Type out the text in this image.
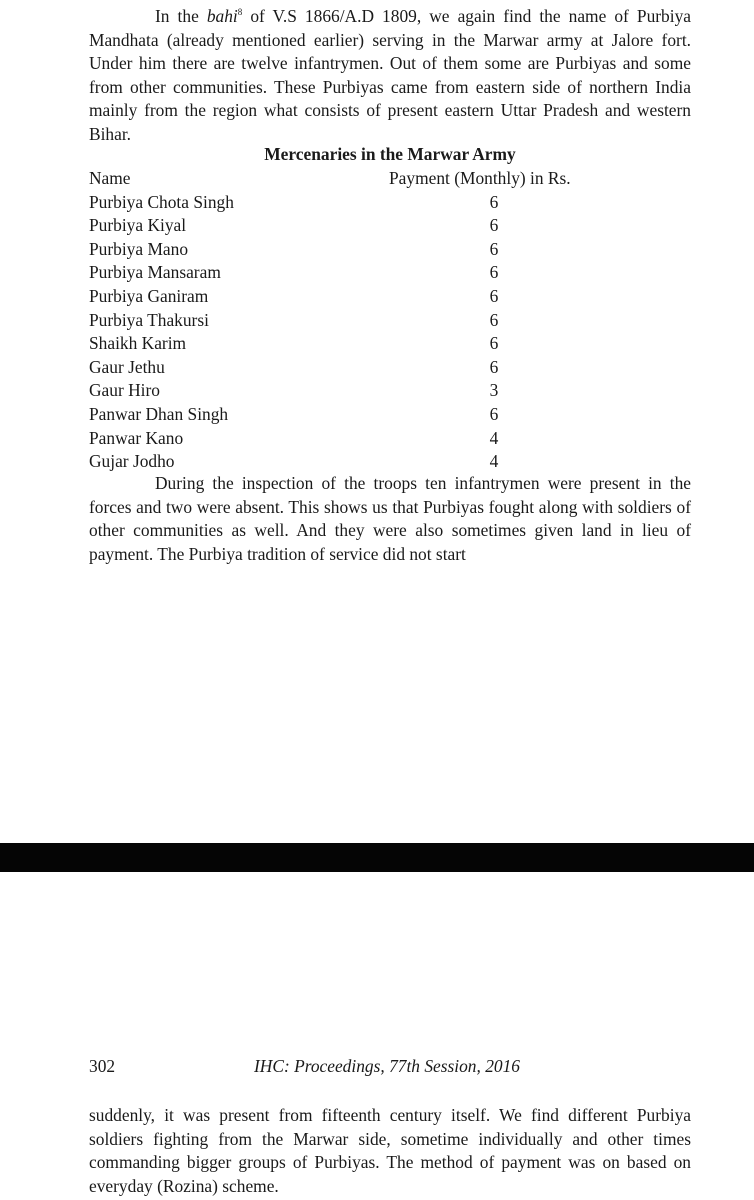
In the bahi$^8$ of V.S 1866/A.D 1809, we again find the name of Purbiya Mandhata (already mentioned earlier) serving in the Marwar army at Jalore fort. Under him there are twelve infantrymen. Out of them some are Purbiyas and some from other communities. These Purbiyas came from eastern side of northern India mainly from the region what consists of present eastern Uttar Pradesh and western Bihar.

Mercenaries in the Marwar Army
Name	Payment (Monthly) in Rs.
Purbiya Chota Singh	6
Purbiya Kiyal	6
Purbiya Mano	6
Purbiya Mansaram	6
Purbiya Ganiram	6
Purbiya Thakursi	6
Shaikh Karim	6
Gaur Jethu	6
Gaur Hiro	3
Panwar Dhan Singh	6
Panwar Kano	4
Gujar Jodho	4

During the inspection of the troops ten infantrymen were present in the forces and two were absent. This shows us that Purbiyas fought along with soldiers of other communities as well. And they were also sometimes given land in lieu of payment. The Purbiya tradition of service did not start

302	IHC: Proceedings, 77th Session, 2016

suddenly, it was present from fifteenth century itself. We find different Purbiya soldiers fighting from the Marwar side, sometime individually and other times commanding bigger groups of Purbiyas. The method of payment was on based on everyday (Rozina) scheme.
